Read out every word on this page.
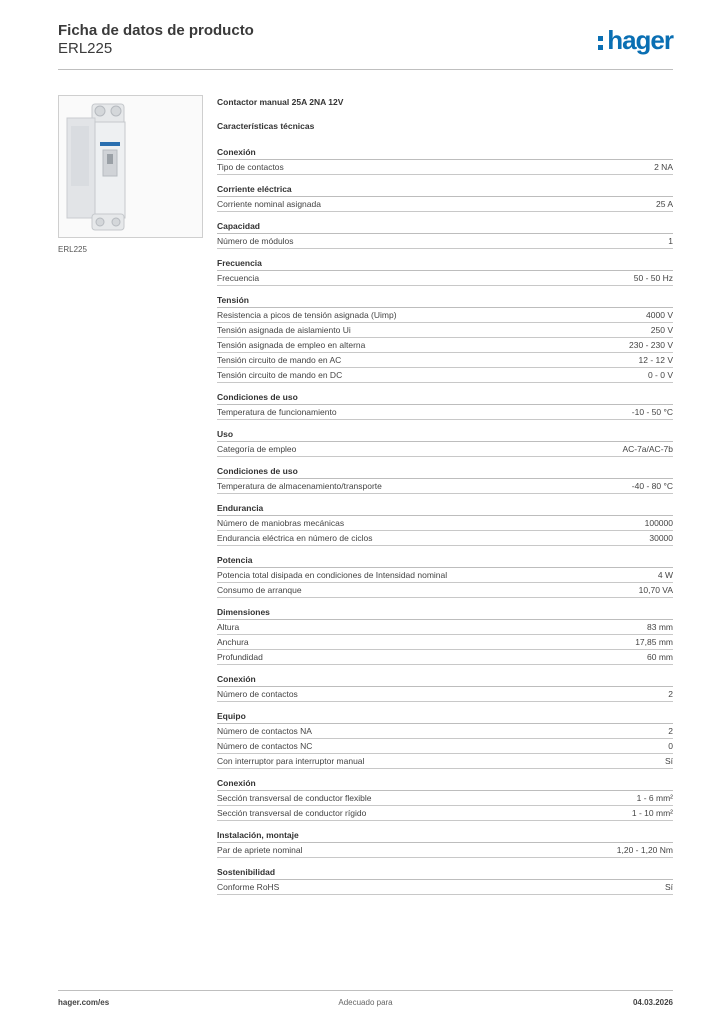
Ficha de datos de producto
ERL225	hager
ERL225
Contactor manual 25A 2NA 12V
Características técnicas
Conexión
Tipo de contactos	2 NA
Corriente eléctrica
Corriente nominal asignada	25 A
Capacidad
Número de módulos	1
Frecuencia
Frecuencia	50 - 50 Hz
Tensión
Resistencia a picos de tensión asignada (Uimp)	4000 V
Tensión asignada de aislamiento Ui	250 V
Tensión asignada de empleo en alterna	230 - 230 V
Tensión circuito de mando en AC	12 - 12 V
Tensión circuito de mando en DC	0 - 0 V
Condiciones de uso
Temperatura de funcionamiento	-10 - 50 °C
Uso
Categoría de empleo	AC-7a/AC-7b
Condiciones de uso
Temperatura de almacenamiento/transporte	-40 - 80 °C
Endurancia
Número de maniobras mecánicas	100000
Endurancia eléctrica en número de ciclos	30000
Potencia
Potencia total disipada en condiciones de Intensidad nominal	4 W
Consumo de arranque	10,70 VA
Dimensiones
Altura	83 mm
Anchura	17,85 mm
Profundidad	60 mm
Conexión
Número de contactos	2
Equipo
Número de contactos NA	2
Número de contactos NC	0
Con interruptor para interruptor manual	Sí
Conexión
Sección transversal de conductor flexible	1 - 6 mm²
Sección transversal de conductor rígido	1 - 10 mm²
Instalación, montaje
Par de apriete nominal	1,20 - 1,20 Nm
Sostenibilidad
Conforme RoHS	Sí
hager.com/es	Adecuado para	04.03.2026
